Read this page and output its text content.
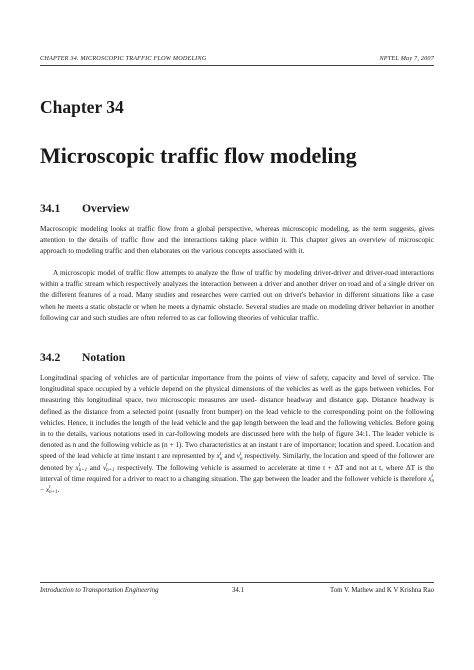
CHAPTER 34. MICROSCOPIC TRAFFIC FLOW MODELING	NPTEL May 7, 2007
Chapter 34
Microscopic traffic flow modeling
34.1 Overview

Macroscopic modeling looks at traffic flow from a global perspective, whereas microscopic modeling, as the term suggests, gives attention to the details of traffic flow and the interactions taking place within it. This chapter gives an overview of microscopic approach to modeling traffic and then elaborates on the various concepts associated with it.

A microscopic model of traffic flow attempts to analyze the flow of traffic by modeling driver-driver and driver-road interactions within a traffic stream which respectively analyzes the interaction between a driver and another driver on road and of a single driver on the different features of a road. Many studies and researches were carried out on driver's behavior in different situations like a case when he meets a static obstacle or when he meets a dynamic obstacle. Several studies are made on modeling driver behavior in another following car and such studies are often referred to as car following theories of vehicular traffic.

34.2 Notation

Longitudinal spacing of vehicles are of particular importance from the points of view of safety, capacity and level of service. The longitudinal space occupied by a vehicle depend on the physical dimensions of the vehicles as well as the gaps between vehicles. For measuring this longitudinal space, two microscopic measures are used- distance headway and distance gap. Distance headway is defined as the distance from a selected point (usually front bumper) on the lead vehicle to the corresponding point on the following vehicles. Hence, it includes the length of the lead vehicle and the gap length between the lead and the following vehicles. Before going in to the details, various notations used in car-following models are discussed here with the help of figure 34:1. The leader vehicle is denoted as n and the following vehicle as (n + 1). Two characteristics at an instant t are of importance; location and speed. Location and speed of the lead vehicle at time instant t are represented by x t
n and v t
n respectively. Similarly, the location and speed of the follower are denoted by x t
n+1 and v t
n+1 respectively. The following vehicle is assumed to accelerate at time t + ΔT and not at t, where ΔT is the interval of time required for a driver to react to a changing situation. The gap between the leader and the follower vehicle is therefore x t
n
− x t
n+1 .

Introduction to Transportation Engineering	34.1	Tom V. Mathew and K V Krishna Rao
